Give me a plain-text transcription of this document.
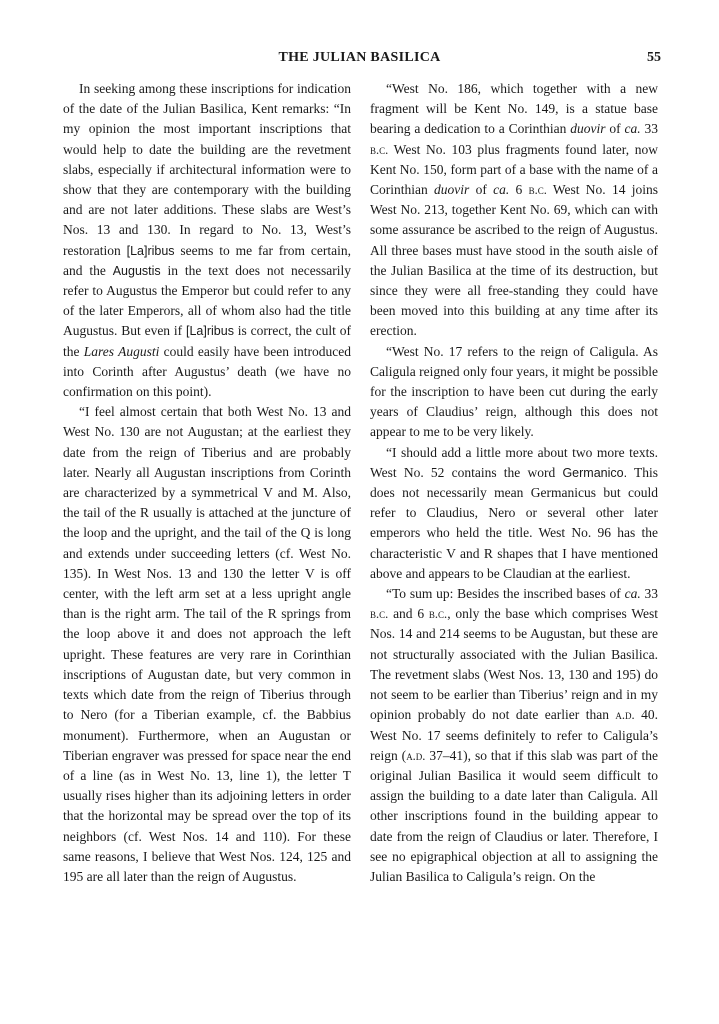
THE JULIAN BASILICA	55

In seeking among these inscriptions for indication of the date of the Julian Basilica, Kent remarks: “In my opinion the most important inscriptions that would help to date the building are the revetment slabs, especially if architectural information were to show that they are contemporary with the building and are not later additions. These slabs are West’s Nos. 13 and 130. In regard to No. 13, West’s restoration [La]ribus seems to me far from certain, and the Augustis in the text does not necessarily refer to Augustus the Emperor but could refer to any of the later Emperors, all of whom also had the title Augustus. But even if [La]ribus is correct, the cult of the Lares Augusti could easily have been introduced into Corinth after Augustus’ death (we have no confirmation on this point).

“I feel almost certain that both West No. 13 and West No. 130 are not Augustan; at the earliest they date from the reign of Tiberius and are probably later. Nearly all Augustan inscriptions from Corinth are characterized by a symmetrical V and M. Also, the tail of the R usually is attached at the juncture of the loop and the upright, and the tail of the Q is long and extends under succeeding letters (cf. West No. 135). In West Nos. 13 and 130 the letter V is off center, with the left arm set at a less upright angle than is the right arm. The tail of the R springs from the loop above it and does not approach the left upright. These features are very rare in Corinthian inscriptions of Augustan date, but very common in texts which date from the reign of Tiberius through to Nero (for a Tiberian example, cf. the Babbius monument). Furthermore, when an Augustan or Tiberian engraver was pressed for space near the end of a line (as in West No. 13, line 1), the letter T usually rises higher than its adjoining letters in order that the horizontal may be spread over the top of its neighbors (cf. West Nos. 14 and 110). For these same reasons, I believe that West Nos. 124, 125 and 195 are all later than the reign of Augustus.

“West No. 186, which together with a new fragment will be Kent No. 149, is a statue base bearing a dedication to a Corinthian duovir of ca. 33 b.c. West No. 103 plus fragments found later, now Kent No. 150, form part of a base with the name of a Corinthian duovir of ca. 6 b.c. West No. 14 joins West No. 213, together Kent No. 69, which can with some assurance be ascribed to the reign of Augustus. All three bases must have stood in the south aisle of the Julian Basilica at the time of its destruction, but since they were all free-standing they could have been moved into this building at any time after its erection.

“West No. 17 refers to the reign of Caligula. As Caligula reigned only four years, it might be possible for the inscription to have been cut during the early years of Claudius’ reign, although this does not appear to me to be very likely.

“I should add a little more about two more texts. West No. 52 contains the word Germanico. This does not necessarily mean Germanicus but could refer to Claudius, Nero or several other later emperors who held the title. West No. 96 has the characteristic V and R shapes that I have mentioned above and appears to be Claudian at the earliest.

“To sum up: Besides the inscribed bases of ca. 33 b.c. and 6 b.c., only the base which comprises West Nos. 14 and 214 seems to be Augustan, but these are not structurally associated with the Julian Basilica. The revetment slabs (West Nos. 13, 130 and 195) do not seem to be earlier than Tiberius’ reign and in my opinion probably do not date earlier than a.d. 40. West No. 17 seems definitely to refer to Caligula’s reign (a.d. 37–41), so that if this slab was part of the original Julian Basilica it would seem difficult to assign the building to a date later than Caligula. All other inscriptions found in the building appear to date from the reign of Claudius or later. Therefore, I see no epigraphical objection at all to assigning the Julian Basilica to Caligula’s reign. On the
